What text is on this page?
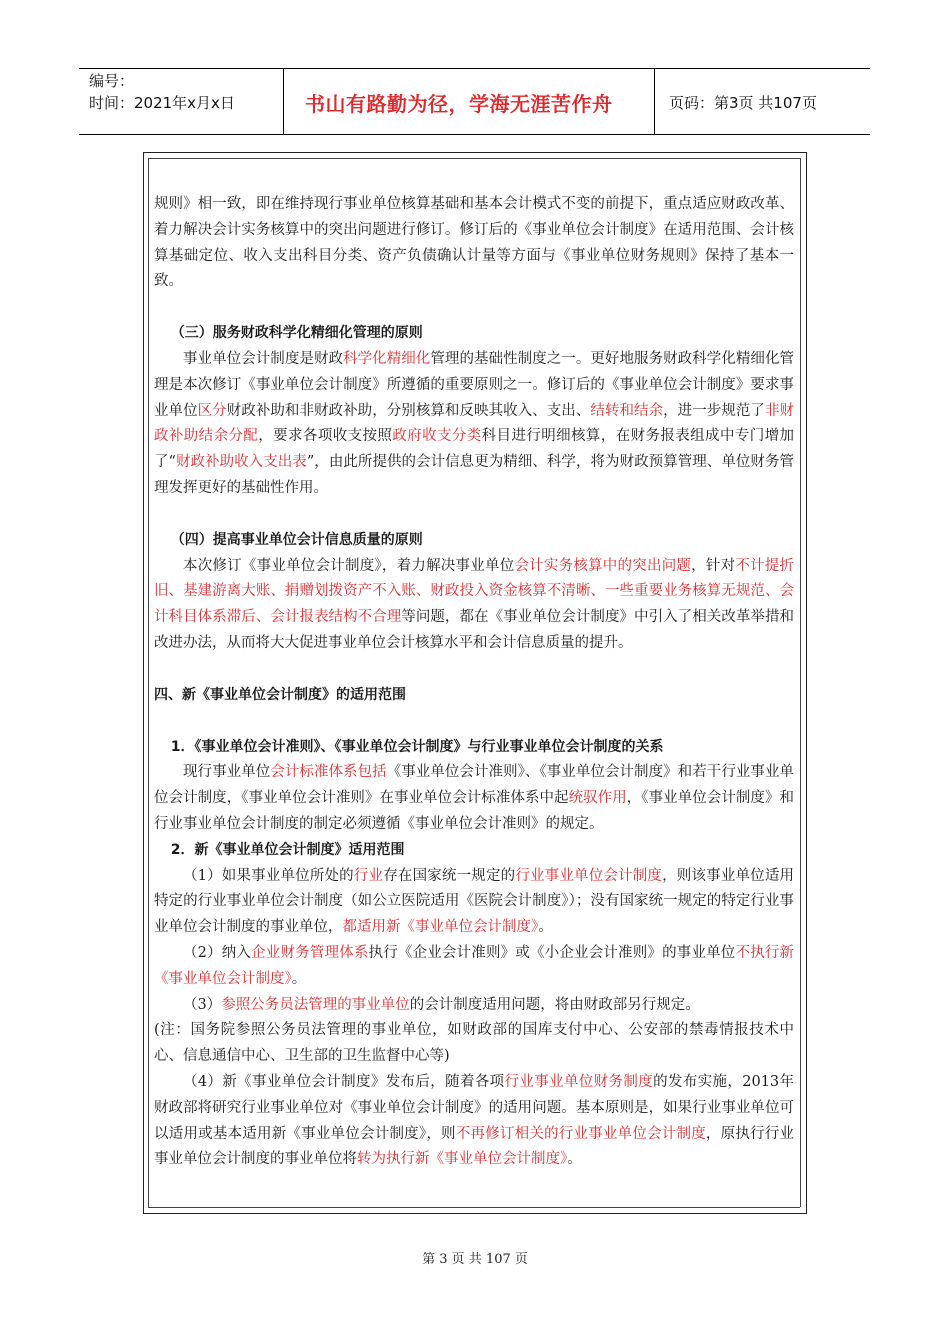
编号：
时间：2021年x月x日	书山有路勤为径，学海无涯苦作舟	页码：第3页 共107页

规则》相一致，即在维持现行事业单位核算基础和基本会计模式不变的前提下，重点适应财政改革、着力解决会计实务核算中的突出问题进行修订。修订后的《事业单位会计制度》在适用范围、会计核算基础定位、收入支出科目分类、资产负债确认计量等方面与《事业单位财务规则》保持了基本一致。

（三）服务财政科学化精细化管理的原则

事业单位会计制度是财政科学化精细化管理的基础性制度之一。更好地服务财政科学化精细化管理是本次修订《事业单位会计制度》所遵循的重要原则之一。修订后的《事业单位会计制度》要求事业单位区分财政补助和非财政补助，分别核算和反映其收入、支出、结转和结余，进一步规范了非财政补助结余分配，要求各项收支按照政府收支分类科目进行明细核算，在财务报表组成中专门增加了“财政补助收入支出表”，由此所提供的会计信息更为精细、科学，将为财政预算管理、单位财务管理发挥更好的基础性作用。

（四）提高事业单位会计信息质量的原则

本次修订《事业单位会计制度》，着力解决事业单位会计实务核算中的突出问题，针对不计提折旧、基建游离大账、捐赠划拨资产不入账、财政投入资金核算不清晰、一些重要业务核算无规范、会计科目体系滞后、会计报表结构不合理等问题，都在《事业单位会计制度》中引入了相关改革举措和改进办法，从而将大大促进事业单位会计核算水平和会计信息质量的提升。

四、新《事业单位会计制度》的适用范围

1．《事业单位会计准则》、《事业单位会计制度》与行业事业单位会计制度的关系

现行事业单位会计标准体系包括《事业单位会计准则》、《事业单位会计制度》和若干行业事业单位会计制度，《事业单位会计准则》在事业单位会计标准体系中起统驭作用，《事业单位会计制度》和行业事业单位会计制度的制定必须遵循《事业单位会计准则》的规定。

2．新《事业单位会计制度》适用范围

（1）如果事业单位所处的行业存在国家统一规定的行业事业单位会计制度，则该事业单位适用特定的行业事业单位会计制度（如公立医院适用《医院会计制度》）；没有国家统一规定的特定行业事业单位会计制度的事业单位，都适用新《事业单位会计制度》。

（2）纳入企业财务管理体系执行《企业会计准则》或《小企业会计准则》的事业单位不执行新《事业单位会计制度》。

（3）参照公务员法管理的事业单位的会计制度适用问题，将由财政部另行规定。

(注：国务院参照公务员法管理的事业单位，如财政部的国库支付中心、公安部的禁毒情报技术中心、信息通信中心、卫生部的卫生监督中心等)

（4）新《事业单位会计制度》发布后，随着各项行业事业单位财务制度的发布实施，2013年财政部将研究行业事业单位对《事业单位会计制度》的适用问题。基本原则是，如果行业事业单位可以适用或基本适用新《事业单位会计制度》，则不再修订相关的行业事业单位会计制度，原执行行业事业单位会计制度的事业单位将转为执行新《事业单位会计制度》。

第 3 页 共 107 页
